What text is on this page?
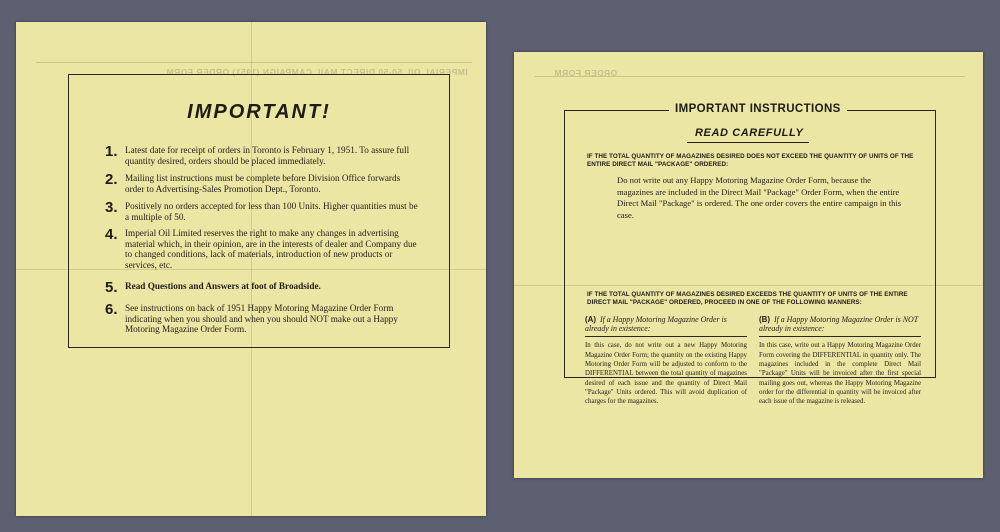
IMPERIAL OIL 50-50 DIRECT MAIL CAMPAIGN (1951) ORDER FORM
IMPORTANT!
1. Latest date for receipt of orders in Toronto is February 1, 1951. To assure full quantity desired, orders should be placed immediately.
2. Mailing list instructions must be complete before Division Office forwards order to Advertising-Sales Promotion Dept., Toronto.
3. Positively no orders accepted for less than 100 Units. Higher quantities must be a multiple of 50.
4. Imperial Oil Limited reserves the right to make any changes in advertising material which, in their opinion, are in the interests of dealer and Company due to changed conditions, lack of materials, introduction of new products or services, etc.
5. Read Questions and Answers at foot of Broadside.
6. See instructions on back of 1951 Happy Motoring Magazine Order Form indicating when you should and when you should NOT make out a Happy Motoring Magazine Order Form.
ORDER FORM
IMPORTANT INSTRUCTIONS
READ CAREFULLY
IF THE TOTAL QUANTITY OF MAGAZINES DESIRED DOES NOT EXCEED THE QUANTITY OF UNITS OF THE ENTIRE DIRECT MAIL "PACKAGE" ORDERED:
Do not write out any Happy Motoring Magazine Order Form, because the magazines are included in the Direct Mail "Package" Order Form, when the entire Direct Mail "Package" is ordered. The one order covers the entire campaign in this case.
IF THE TOTAL QUANTITY OF MAGAZINES DESIRED EXCEEDS THE QUANTITY OF UNITS OF THE ENTIRE DIRECT MAIL "PACKAGE" ORDERED, PROCEED IN ONE OF THE FOLLOWING MANNERS:
(A) If a Happy Motoring Magazine Order is already in existence:
In this case, do not write out a new Happy Motoring Magazine Order Form; the quantity on the existing Happy Motoring Order Form will be adjusted to conform to the DIFFERENTIAL between the total quantity of magazines desired of each issue and the quantity of Direct Mail "Package" Units ordered. This will avoid duplication of charges for the magazines.
(B) If a Happy Motoring Magazine Order is NOT already in existence:
In this case, write out a Happy Motoring Magazine Order Form covering the DIFFERENTIAL in quantity only. The magazines included in the complete Direct Mail "Package" Units will be invoiced after the first special mailing goes out, whereas the Happy Motoring Magazine order for the differential in quantity will be invoiced after each issue of the magazine is released.
